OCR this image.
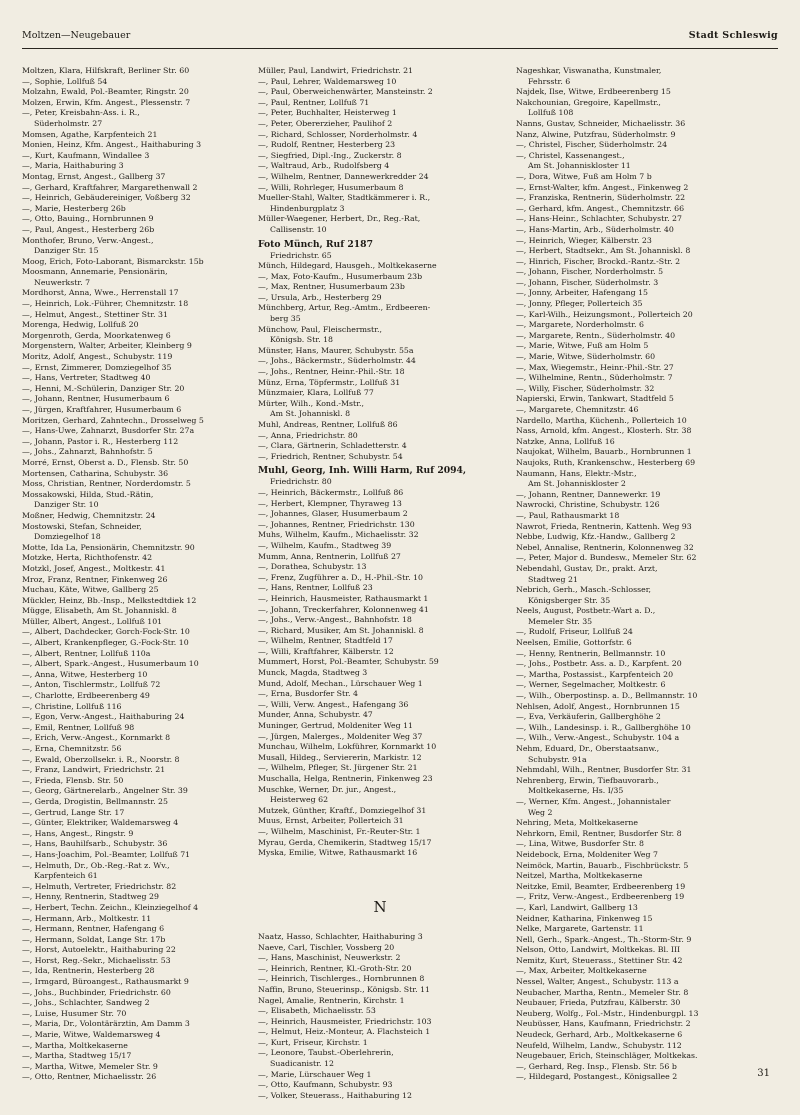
Moltzen—Neugebauer	Stadt Schleswig
Moltzen, Klara, Hilfskraft, Berliner Str. 60
—, Sophie, Lollfuß 54
Molzahn, Ewald, Pol.-Beamter, Ringstr. 20
Molzen, Erwin, Kfm. Angest., Plessenstr. 7
—, Peter, Kreisbahn-Ass. i. R.,
Süderholmstr. 27
Momsen, Agathe, Karpfenteich 21
Monien, Heinz, Kfm. Angest., Haithaburing 3
—, Kurt, Kaufmann, Windallee 3
—, Maria, Haithaburing 3
Montag, Ernst, Angest., Gallberg 37
—, Gerhard, Kraftfahrer, Margarethenwall 2
—, Heinrich, Gebäudereiniger, Voßberg 32
—, Marie, Hesterberg 26b
—, Otto, Bauing., Hornbrunnen 9
—, Paul, Angest., Hesterberg 26b
Monthofer, Bruno, Verw.-Angest.,
Danziger Str. 15
Moog, Erich, Foto-Laborant, Bismarckstr. 15b
Moosmann, Annemarie, Pensionärin,
Neuwerkstr. 7
Mordhorst, Anna, Wwe., Herrenstall 17
—, Heinrich, Lok.-Führer, Chemnitzstr. 18
—, Helmut, Angest., Stettiner Str. 31
Morenga, Hedwig, Lollfuß 20
Morgenroth, Gerda, Moorkatenweg 6
Morgenstern, Walter, Arbeiter, Kleinberg 9
Moritz, Adolf, Angest., Schubystr. 119
—, Ernst, Zimmerer, Domziegelhof 35
—, Hans, Vertreter, Stadtweg 40
—, Henni, M.-Schülerin, Danziger Str. 20
—, Johann, Rentner, Husumerbaum 6
—, Jürgen, Kraftfahrer, Husumerbaum 6
Moritzen, Gerhard, Zahntechn., Drosselweg 5
—, Hans-Uwe, Zahnarzt, Busdorfer Str. 27a
—, Johann, Pastor i. R., Hesterberg 112
—, Johs., Zahnarzt, Bahnhofstr. 5
Morré, Ernst, Oberst a. D., Flensb. Str. 50
Mortensen, Catharina, Schubystr. 36
Moss, Christian, Rentner, Norderdomstr. 5
Mossakowski, Hilda, Stud.-Rätin,
Danziger Str. 10
Moßner, Hedwig, Chemnitzstr. 24
Mostowski, Stefan, Schneider,
Domziegelhof 18
Motte, Ida La, Pensionärin, Chemnitzstr. 90
Motzke, Herta, Richthofenstr. 42
Motzkl, Josef, Angest., Moltkestr. 41
Mroz, Franz, Rentner, Finkenweg 26
Muchau, Käte, Witwe, Gallberg 25
Mückler, Heinz, Bb.-Insp., Melkstedtdiek 12
Mügge, Elisabeth, Am St. Johanniskl. 8
Müller, Albert, Angest., Lollfuß 101
—, Albert, Dachdecker, Gorch-Fock-Str. 10
—, Albert, Krankenpfleger, G.-Fock-Str. 10
—, Albert, Rentner, Lollfuß 110a
—, Albert, Spark.-Angest., Husumerbaum 10
—, Anna, Witwe, Hesterberg 10
—, Anton, Tischlermstr., Lollfuß 72
—, Charlotte, Erdbeerenberg 49
—, Christine, Lollfuß 116
—, Egon, Verw.-Angest., Haithaburing 24
—, Emil, Rentner, Lollfuß 98
—, Erich, Verw.-Angest., Kornmarkt 8
—, Erna, Chemnitzstr. 56
—, Ewald, Oberzollsekr. i. R., Noorstr. 8
—, Franz, Landwirt, Friedrichstr. 21
—, Frieda, Flensb. Str. 50
—, Georg, Gärtnerelarb., Angelner Str. 39
—, Gerda, Drogistin, Bellmannstr. 25
—, Gertrud, Lange Str. 17
—, Günter, Elektriker, Waldemarsweg 4
—, Hans, Angest., Ringstr. 9
—, Hans, Bauhilfsarb., Schubystr. 36
—, Hans-Joachim, Pol.-Beamter, Lollfuß 71
—, Helmuth, Dr., Ob.-Reg.-Rat z. Wv.,
Karpfenteich 61
—, Helmuth, Vertreter, Friedrichstr. 82
—, Henny, Rentnerin, Stadtweg 29
—, Herbert, Techn. Zeichn., Kleinziegelhof 4
—, Hermann, Arb., Moltkestr. 11
—, Hermann, Rentner, Hafengang 6
—, Hermann, Soldat, Lange Str. 17b
—, Horst, Autoelektr., Haithaburing 22
—, Horst, Reg.-Sekr., Michaelisstr. 53
—, Ida, Rentnerin, Hesterberg 28
—, Irmgard, Büroangest., Rathausmarkt 9
—, Johs., Buchbinder, Friedrichstr. 60
—, Johs., Schlachter, Sandweg 2
—, Luise, Husumer Str. 70
—, Maria, Dr., Volontärärztin, Am Damm 3
—, Marie, Witwe, Waldemarsweg 4
—, Martha, Moltkekaserne
—, Martha, Stadtweg 15/17
—, Martha, Witwe, Memeler Str. 9
—, Otto, Rentner, Michaelisstr. 26
Müller, Paul, Landwirt, Friedrichstr. 21
—, Paul, Lehrer, Waldemarsweg 10
—, Paul, Oberweichenwärter, Mansteinstr. 2
—, Paul, Rentner, Lollfuß 71
—, Peter, Buchhalter, Heisterweg 1
—, Peter, Obererzieher, Paulihof 2
—, Richard, Schlosser, Norderholmstr. 4
—, Rudolf, Rentner, Hesterberg 23
—, Siegfried, Dipl.-Ing., Zuckerstr. 8
—, Waltraud, Arb., Rudolfsberg 4
—, Wilhelm, Rentner, Dannewerkredder 24
—, Willi, Rohrleger, Husumerbaum 8
Mueller-Stahl, Walter, Stadtkämmerer i. R.,
Hindenburgplatz 3
Müller-Waegener, Herbert, Dr., Reg.-Rat,
Callisenstr. 10
Foto Münch, Ruf 2187
Friedrichstr. 65
Münch, Hildegard, Hausgeh., Moltkekaserne
—, Max, Foto-Kaufm., Husumerbaum 23b
—, Max, Rentner, Husumerbaum 23b
—, Ursula, Arb., Hesterberg 29
Münchberg, Artur, Reg.-Amtm., Erdbeeren-
berg 35
Münchow, Paul, Fleischermstr.,
Königsb. Str. 18
Münster, Hans, Maurer, Schubystr. 55a
—, Johs., Bäckermstr., Süderholmstr. 44
—, Johs., Rentner, Heinr.-Phil.-Str. 18
Münz, Erna, Töpfermstr., Lollfuß 31
Münzmaier, Klara, Lollfuß 77
Mürter, Wilh., Kond.-Mstr.,
Am St. Johanniskl. 8
Muhl, Andreas, Rentner, Lollfuß 86
—, Anna, Friedrichstr. 80
—, Clara, Gärtnerin, Schladetterstr. 4
—, Friedrich, Rentner, Schubystr. 54
Muhl, Georg, Inh. Willi Harm, Ruf 2094,
Friedrichstr. 80
—, Heinrich, Bäckermstr., Lollfuß 86
—, Herbert, Klempner, Thyraweg 13
—, Johannes, Glaser, Husumerbaum 2
—, Johannes, Rentner, Friedrichstr. 130
Muhs, Wilhelm, Kaufm., Michaelisstr. 32
—, Wilhelm, Kaufm., Stadtweg 39
Mumm, Anna, Rentnerin, Lollfuß 27
—, Dorathea, Schubystr. 13
—, Frenz, Zugführer a. D., H.-Phil.-Str. 10
—, Hans, Rentner, Lollfuß 23
—, Heinrich, Hausmeister, Rathausmarkt 1
—, Johann, Treckerfahrer, Kolonnenweg 41
—, Johs., Verw.-Angest., Bahnhofstr. 18
—, Richard, Musiker, Am St. Johanniskl. 8
—, Wilhelm, Rentner, Stadtfeld 17
—, Willi, Kraftfahrer, Kälberstr. 12
Mummert, Horst, Pol.-Beamter, Schubystr. 59
Munck, Magda, Stadtweg 3
Mund, Adolf, Mechan., Lürschauer Weg 1
—, Erna, Busdorfer Str. 4
—, Willi, Verw. Angest., Hafengang 36
Munder, Anna, Schubystr. 47
Muninger, Gertrud, Moldeniter Weg 11
—, Jürgen, Malerges., Moldeniter Weg 37
Munchau, Wilhelm, Lokführer, Kornmarkt 10
Musall, Hildeg., Serviererin, Markistr. 12
—, Wilhelm, Pfleger, St. Jürgener Str. 21
Muschalla, Helga, Rentnerin, Finkenweg 23
Muschke, Werner, Dr. jur., Angest.,
Heisterweg 62
Mutzek, Günther, Kraftf., Domziegelhof 31
Muus, Ernst, Arbeiter, Pollerteich 31
—, Wilhelm, Maschinist, Fr.-Reuter-Str. 1
Myrau, Gerda, Chemikerin, Stadtweg 15/17
Myska, Emilie, Witwe, Rathausmarkt 16
N
Naatz, Hasso, Schlachter, Haithaburing 3
Naeve, Carl, Tischler, Vossberg 20
—, Hans, Maschinist, Neuwerkstr. 2
—, Heinrich, Rentner, Kl.-Groth-Str. 20
—, Heinrich, Tischlerges., Hornbrunnen 8
Naffin, Bruno, Steuerinsp., Königsb. Str. 11
Nagel, Amalie, Rentnerin, Kirchstr. 1
—, Elisabeth, Michaelisstr. 53
—, Heinrich, Hausmeister, Friedrichstr. 103
—, Helmut, Heiz.-Monteur, A. Flachsteich 1
—, Kurt, Friseur, Kirchstr. 1
—, Leonore, Taubst.-Oberlehrerin,
Suadicanistr. 12
—, Marie, Lürschauer Weg 1
—, Otto, Kaufmann, Schubystr. 93
—, Volker, Steuerass., Haithaburing 12
Nageshkar, Viswanatha, Kunstmaler,
Fehrsstr. 6
Najdek, Ilse, Witwe, Erdbeerenberg 15
Nakchounian, Gregoire, Kapellmstr.,
Lollfuß 108
Nanns, Gustav, Schneider, Michaelisstr. 36
Nanz, Alwine, Putzfrau, Süderholmstr. 9
—, Christel, Fischer, Süderholmstr. 24
—, Christel, Kassenangest.,
Am St. Johanniskloster 11
—, Dora, Witwe, Fuß am Holm 7 b
—, Ernst-Walter, kfm. Angest., Finkenweg 2
—, Franziska, Rentnerin, Süderholmstr. 22
—, Gerhard, kfm. Angest., Chemnitzstr. 66
—, Hans-Heinr., Schlachter, Schubystr. 27
—, Hans-Martin, Arb., Süderholmstr. 40
—, Heinrich, Wieger, Kälberstr. 23
—, Herbert, Stadtsekr., Am St. Johanniskl. 8
—, Hinrich, Fischer, Brockd.-Rantz.-Str. 2
—, Johann, Fischer, Norderholmstr. 5
—, Johann, Fischer, Süderholmstr. 3
—, Jonny, Arbeiter, Hafengang 15
—, Jonny, Pfleger, Pollerteich 35
—, Karl-Wilh., Heizungsmont., Pollerteich 20
—, Margarete, Norderholmstr. 6
—, Margarete, Rentn., Süderholmstr. 40
—, Marie, Witwe, Fuß am Holm 5
—, Marie, Witwe, Süderholmstr. 60
—, Max, Wiegemstr., Heinr.-Phil.-Str. 27
—, Wilhelmine, Rentn., Süderholmstr. 7
—, Willy, Fischer, Süderholmstr. 32
Napierski, Erwin, Tankwart, Stadtfeld 5
—, Margarete, Chemnitzstr. 46
Nardello, Martha, Küchenh., Pollerteich 10
Nass, Arnold, kfm. Angest., Klosterh. Str. 38
Natzke, Anna, Lollfuß 16
Naujokat, Wilhelm, Bauarb., Hornbrunnen 1
Naujoks, Ruth, Krankenschw., Hesterberg 69
Naumann, Hans, Elektr.-Mstr.,
Am St. Johanniskloster 2
—, Johann, Rentner, Dannewerkr. 19
Nawrocki, Christine, Schubystr. 126
—, Paul, Rathausmarkt 18
Nawrot, Frieda, Rentnerin, Kattenh. Weg 93
Nebbe, Ludwig, Kfz.-Handw., Gallberg 2
Nebel, Annalise, Rentnerin, Kolonnenweg 32
—, Peter, Major d. Bundesw., Memeler Str. 62
Nebendahl, Gustav, Dr., prakt. Arzt,
Stadtweg 21
Nebrich, Gerh., Masch.-Schlosser,
Königsberger Str. 35
Neels, August, Postbetr.-Wart a. D.,
Memeler Str. 35
—, Rudolf, Friseur, Lollfuß 24
Neelsen, Emilie, Gottorfstr. 6
—, Henny, Rentnerin, Bellmannstr. 10
—, Johs., Postbetr. Ass. a. D., Karpfent. 20
—, Martha, Postassist., Karpfenteich 20
—, Werner, Segelmacher, Moltkestr. 6
—, Wilh., Oberpostinsp. a. D., Bellmannstr. 10
Nehlsen, Adolf, Angest., Hornbrunnen 15
—, Eva, Verkäuferin, Gallberghöhe 2
—, Wilh., Landesinsp. i. R., Gallberghöhe 10
—, Wilh., Verw.-Angest., Schubystr. 104 a
Nehm, Eduard, Dr., Oberstaatsanw.,
Schubystr. 91a
Nehmdahl, Wilh., Rentner, Busdorfer Str. 31
Nehrenberg, Erwin, Tiefbauvorarb.,
Moltkekaserne, Hs. I/35
—, Werner, Kfm. Angest., Johannistaler
Weg 2
Nehring, Meta, Moltkekaserne
Nehrkorn, Emil, Rentner, Busdorfer Str. 8
—, Lina, Witwe, Busdorfer Str. 8
Neidebock, Erna, Moldeniter Weg 7
Neimöck, Martin, Bauarb., Fischbrückstr. 5
Neitzel, Martha, Moltkekaserne
Neitzke, Emil, Beamter, Erdbeerenberg 19
—, Fritz, Verw.-Angest., Erdbeerenberg 19
—, Karl, Landwirt, Gallberg 13
Neidner, Katharina, Finkenweg 15
Nelke, Margarete, Gartenstr. 11
Nell, Gerh., Spark.-Angest., Th.-Storm-Str. 9
Nelson, Otto, Landwirt, Moltkekas. Bl. III
Nemitz, Kurt, Steuerass., Stettiner Str. 42
—, Max, Arbeiter, Moltkekaserne
Nessel, Walter, Angest., Schubystr. 113 a
Neubacher, Martha, Rentn., Memeler Str. 8
Neubauer, Frieda, Putzfrau, Kälberstr. 30
Neuberg, Wolfg., Fol.-Mstr., Hindenburgpl. 13
Neubüsser, Hans, Kaufmann, Friedrichstr. 2
Neudeck, Gerhard, Arb., Moltkekaserne 6
Neufeld, Wilhelm, Landw., Schubystr. 112
Neugebauer, Erich, Steinschläger, Moltkekas.
—, Gerhard, Reg. Insp., Flensb. Str. 56 b
—, Hildegard, Postangest., Königsallee 2	31
